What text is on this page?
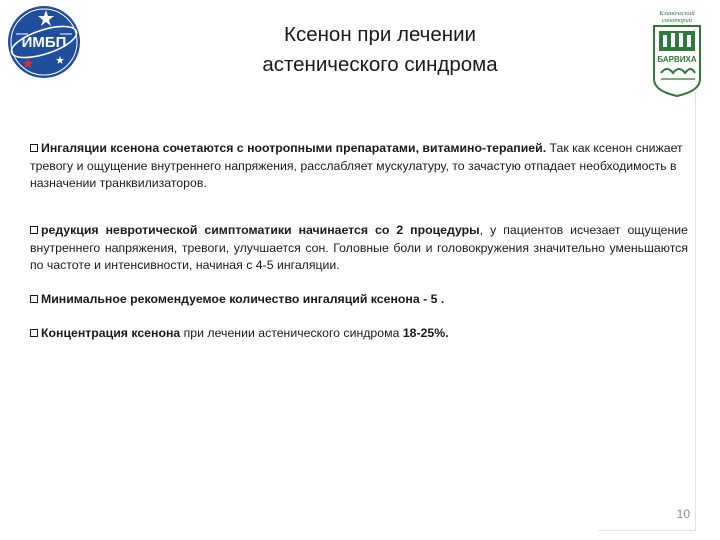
ИМБП
Клинический
санаторий
БАРВИХА
Ксенон при лечении
астенического синдрома
Ингаляции ксенона сочетаются с ноотропными препаратами, витамино-терапией. Так как ксенон снижает тревогу и ощущение внутреннего напряжения, расслабляет мускулатуру, то зачастую отпадает необходимость в назначении транквилизаторов.
редукция невротической симптоматики начинается со 2 процедуры, у пациентов исчезает ощущение внутреннего напряжения, тревоги, улучшается сон. Головные боли и головокружения значительно уменьшаются по частоте и интенсивности, начиная с 4-5 ингаляции.
Минимальное рекомендуемое количество ингаляций ксенона - 5 .
Концентрация ксенона при лечении астенического синдрома 18-25%.
10
